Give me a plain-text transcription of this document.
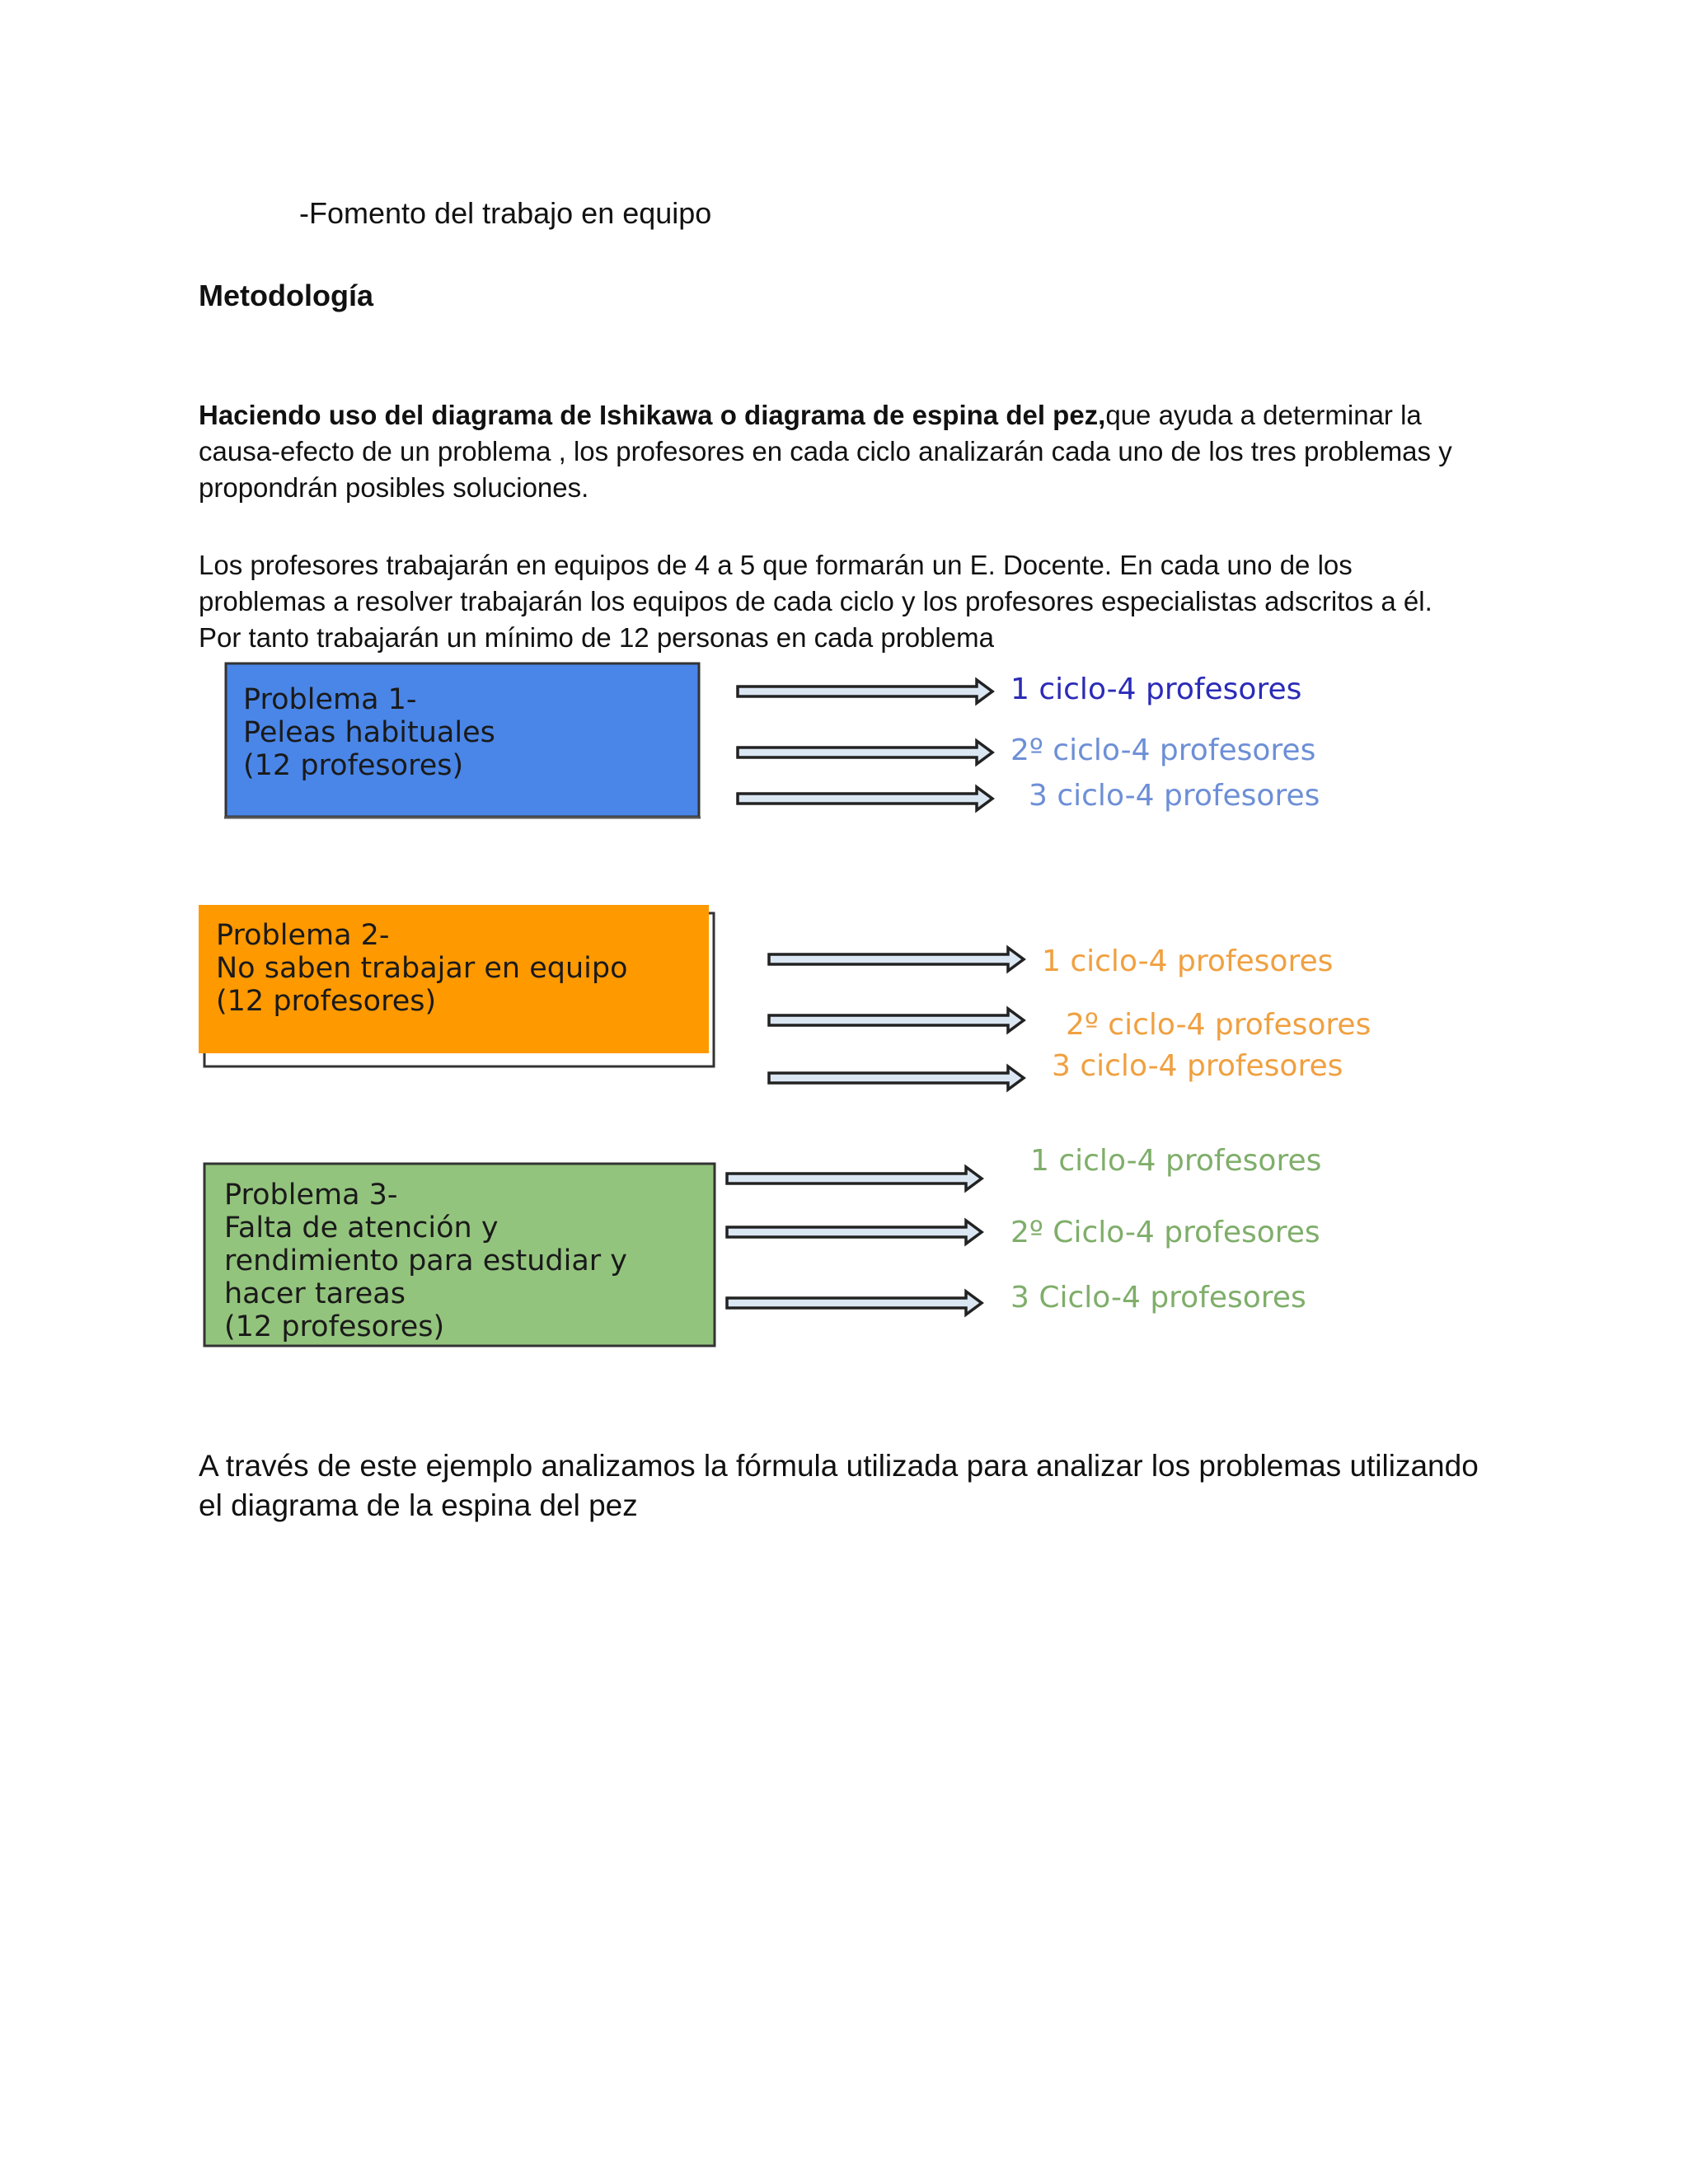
-Fomento del trabajo en equipo
Metodología
Haciendo uso del diagrama de Ishikawa o diagrama de espina del pez,que ayuda a determinar la
causa-efecto de un problema , los profesores en cada ciclo analizarán cada uno de los tres problemas y
propondrán posibles soluciones.
Los profesores trabajarán en equipos de 4 a 5 que formarán un E. Docente. En cada uno de los
problemas a resolver trabajarán los equipos de cada ciclo y los profesores especialistas adscritos a él.
Por tanto trabajarán un mínimo de 12 personas en cada problema
Problema 1- Peleas habituales (12 profesores)
1 ciclo-4 profesores
2º ciclo-4 profesores
3 ciclo-4 profesores
Problema 2- No saben trabajar en equipo (12 profesores)
1 ciclo-4 profesores
2º ciclo-4 profesores
3 ciclo-4 profesores
Problema 3- Falta de atención y rendimiento para estudiar y hacer tareas (12 profesores)
1 ciclo-4 profesores
2º Ciclo-4 profesores
3 Ciclo-4 profesores
A través de este ejemplo analizamos la fórmula utilizada para analizar los problemas utilizando
el diagrama de la espina del pez
